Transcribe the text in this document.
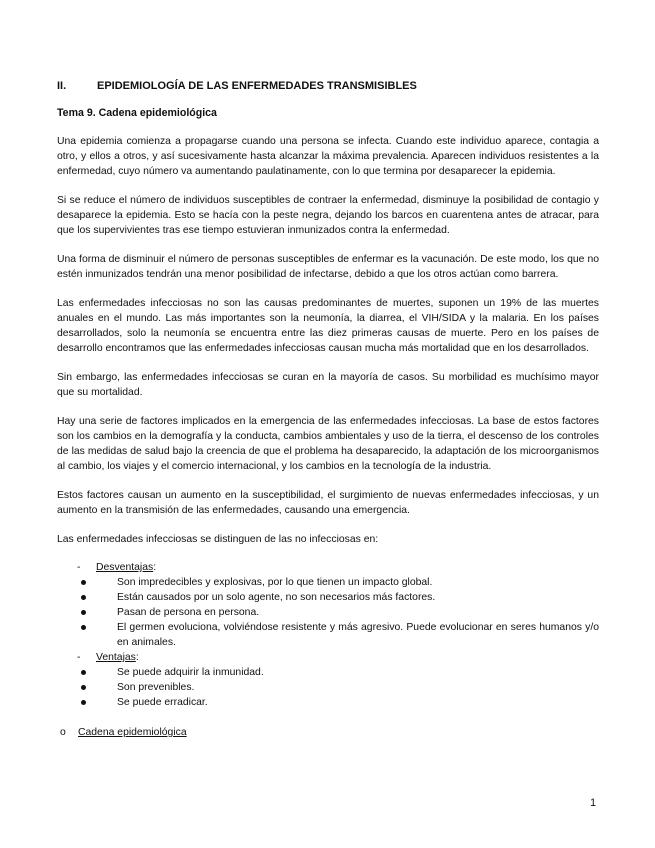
II.	EPIDEMIOLOGÍA DE LAS ENFERMEDADES TRANSMISIBLES
Tema 9. Cadena epidemiológica

Una epidemia comienza a propagarse cuando una persona se infecta. Cuando este individuo aparece, contagia a otro, y ellos a otros, y así sucesivamente hasta alcanzar la máxima prevalencia. Aparecen individuos resistentes a la enfermedad, cuyo número va aumentando paulatinamente, con lo que termina por desaparecer la epidemia.

Si se reduce el número de individuos susceptibles de contraer la enfermedad, disminuye la posibilidad de contagio y desaparece la epidemia. Esto se hacía con la peste negra, dejando los barcos en cuarentena antes de atracar, para que los supervivientes tras ese tiempo estuvieran inmunizados contra la enfermedad.

Una forma de disminuir el número de personas susceptibles de enfermar es la vacunación. De este modo, los que no estén inmunizados tendrán una menor posibilidad de infectarse, debido a que los otros actúan como barrera.

Las enfermedades infecciosas no son las causas predominantes de muertes, suponen un 19% de las muertes anuales en el mundo. Las más importantes son la neumonía, la diarrea, el VIH/SIDA y la malaria. En los países desarrollados, solo la neumonía se encuentra entre las diez primeras causas de muerte. Pero en los países de desarrollo encontramos que las enfermedades infecciosas causan mucha más mortalidad que en los desarrollados.

Sin embargo, las enfermedades infecciosas se curan en la mayoría de casos. Su morbilidad es muchísimo mayor que su mortalidad.

Hay una serie de factores implicados en la emergencia de las enfermedades infecciosas. La base de estos factores son los cambios en la demografía y la conducta, cambios ambientales y uso de la tierra, el descenso de los controles de las medidas de salud bajo la creencia de que el problema ha desaparecido, la adaptación de los microorganismos al cambio, los viajes y el comercio internacional, y los cambios en la tecnología de la industria.

Estos factores causan un aumento en la susceptibilidad, el surgimiento de nuevas enfermedades infecciosas, y un aumento en la transmisión de las enfermedades, causando una emergencia.

Las enfermedades infecciosas se distinguen de las no infecciosas en:

- Desventajas:
Son impredecibles y explosivas, por lo que tienen un impacto global.
Están causados por un solo agente, no son necesarios más factores.
Pasan de persona en persona.
El germen evoluciona, volviéndose resistente y más agresivo. Puede evolucionar en seres humanos y/o en animales.
- Ventajas:
Se puede adquirir la inmunidad.
Son prevenibles.
Se puede erradicar.
o Cadena epidemiológica
1
